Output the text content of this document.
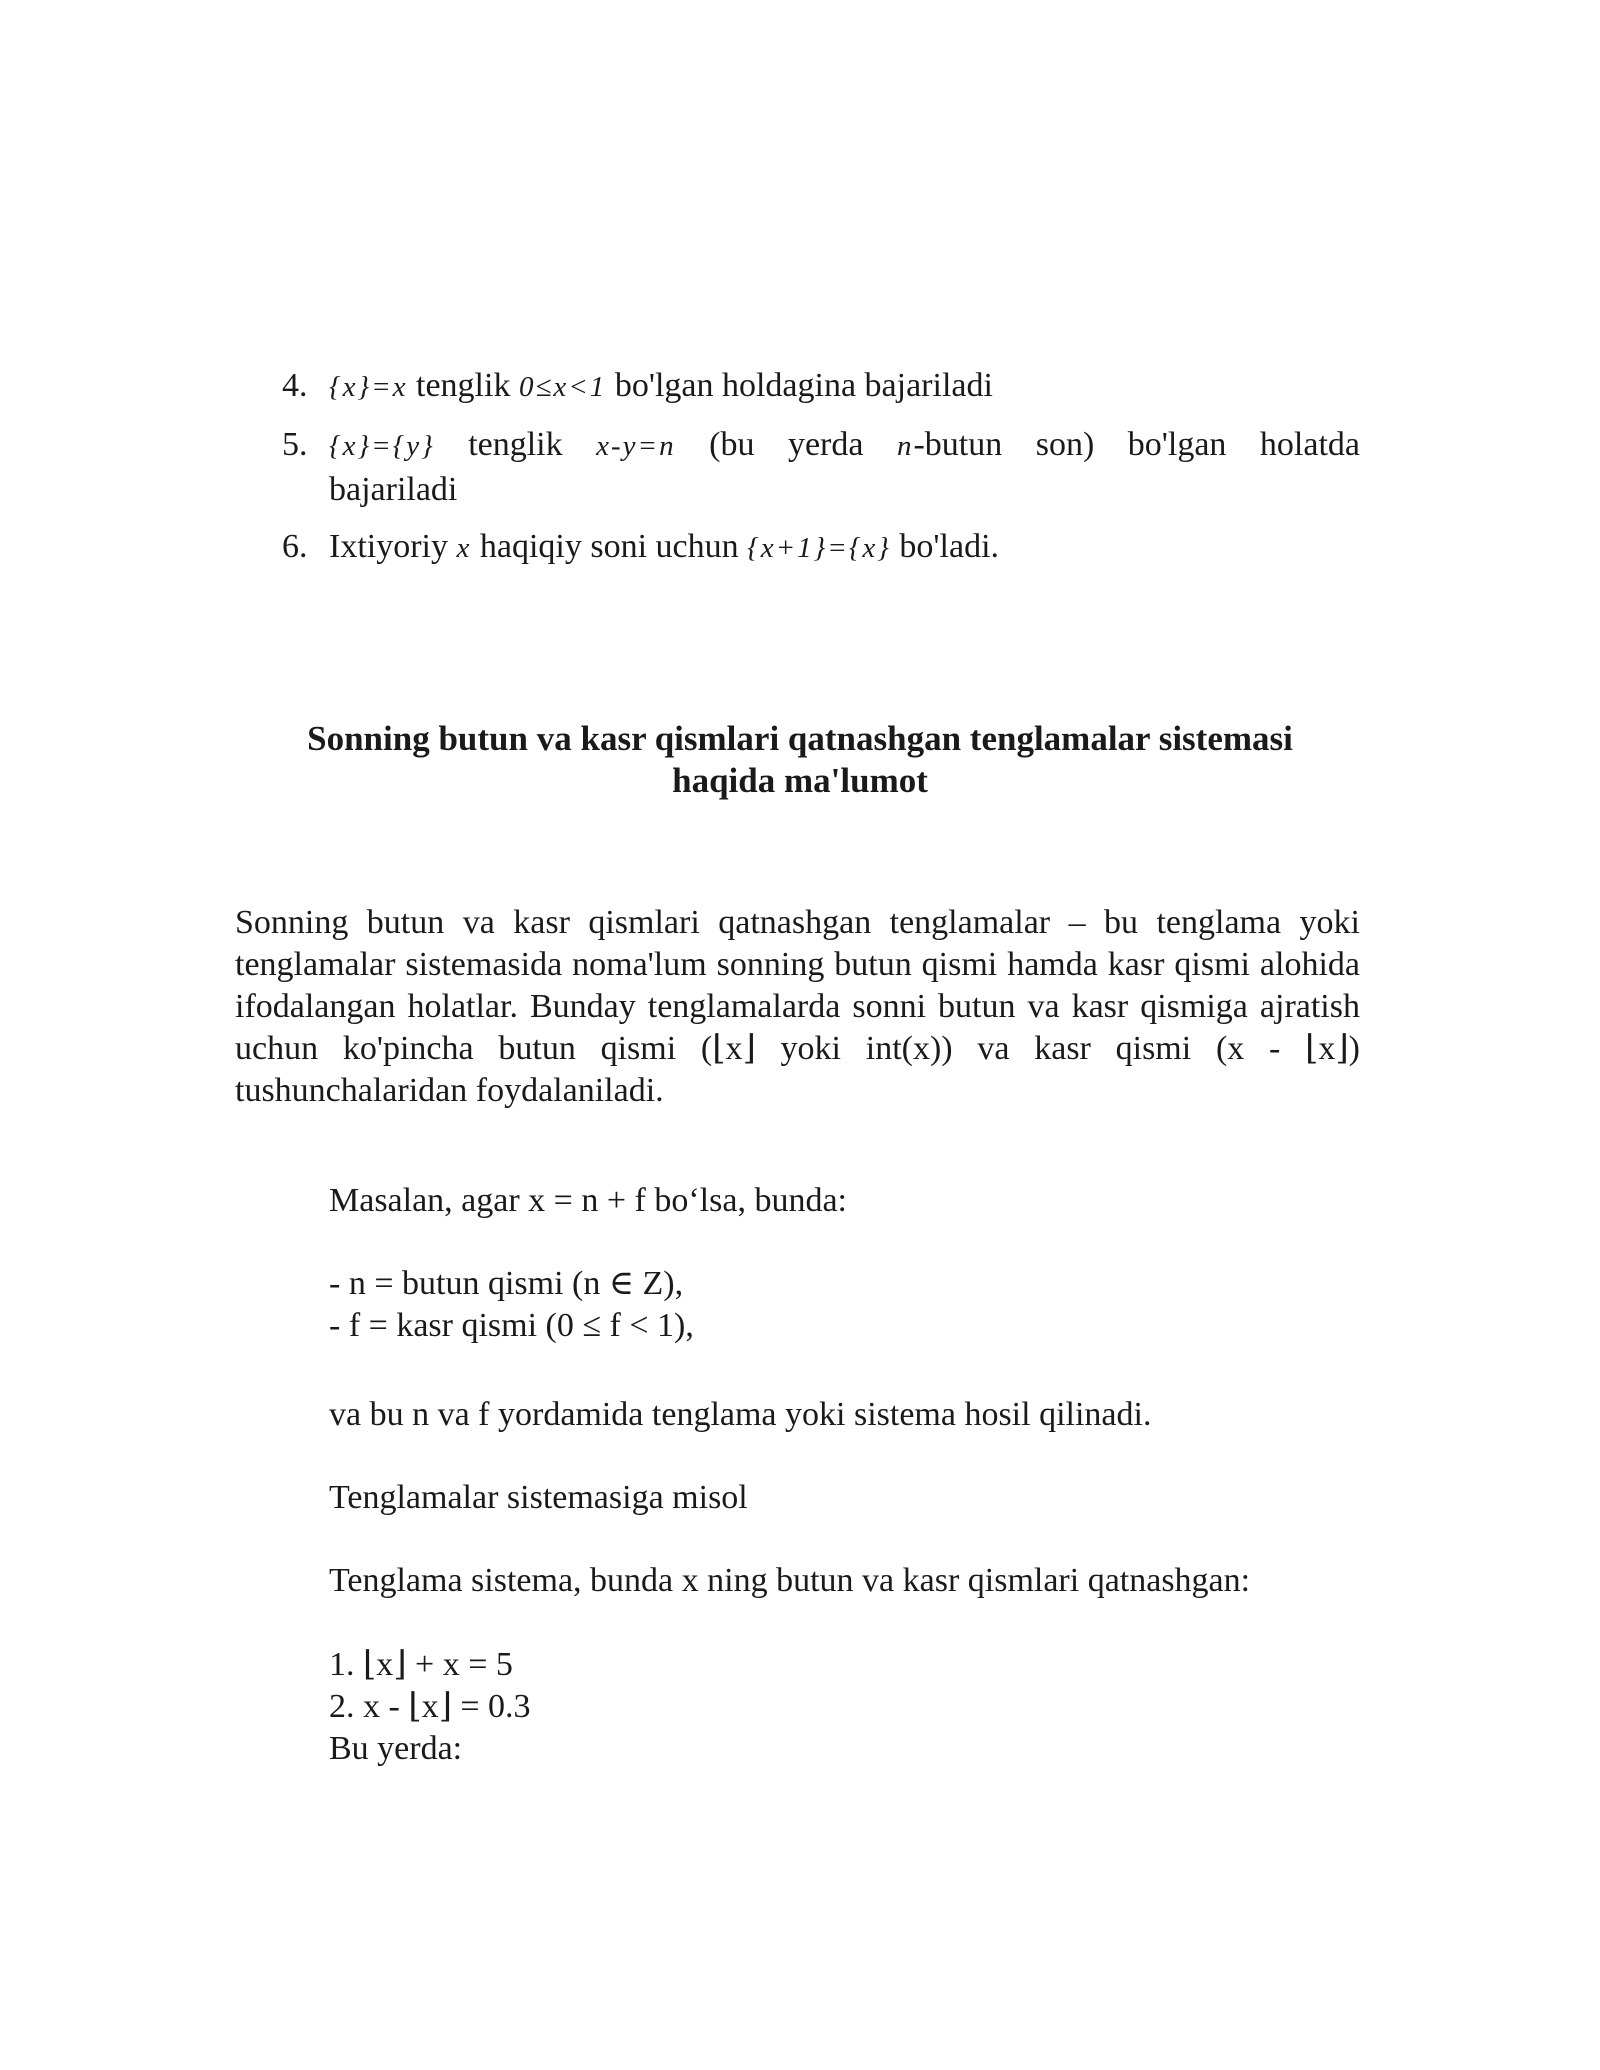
4. {x}=x tenglik 0≤x<1 bo'lgan holdagina bajariladi
5. {x}={y} tenglik x-y=n (bu yerda n-butun son) bo'lgan holatda
bajariladi
6. Ixtiyoriy x haqiqiy soni uchun {x+1}={x} bo'ladi.
Sonning butun va kasr qismlari qatnashgan tenglamalar sistemasi
haqida ma'lumot

Sonning butun va kasr qismlari qatnashgan tenglamalar – bu tenglama yoki tenglamalar sistemasida noma'lum sonning butun qismi hamda kasr qismi alohida ifodalangan holatlar. Bunday tenglamalarda sonni butun va kasr qismiga ajratish uchun ko'pincha butun qismi (⌊x⌋ yoki int(x)) va kasr qismi (x - ⌊x⌋) tushunchalaridan foydalaniladi.

Masalan, agar x = n + f bo‘lsa, bunda:

- n = butun qismi (n ∈ Z),

- f = kasr qismi (0 ≤ f < 1),

va bu n va f yordamida tenglama yoki sistema hosil qilinadi.

Tenglamalar sistemasiga misol

Tenglama sistema, bunda x ning butun va kasr qismlari qatnashgan:

1. ⌊x⌋ + x = 5

2. x - ⌊x⌋ = 0.3

Bu yerda:
